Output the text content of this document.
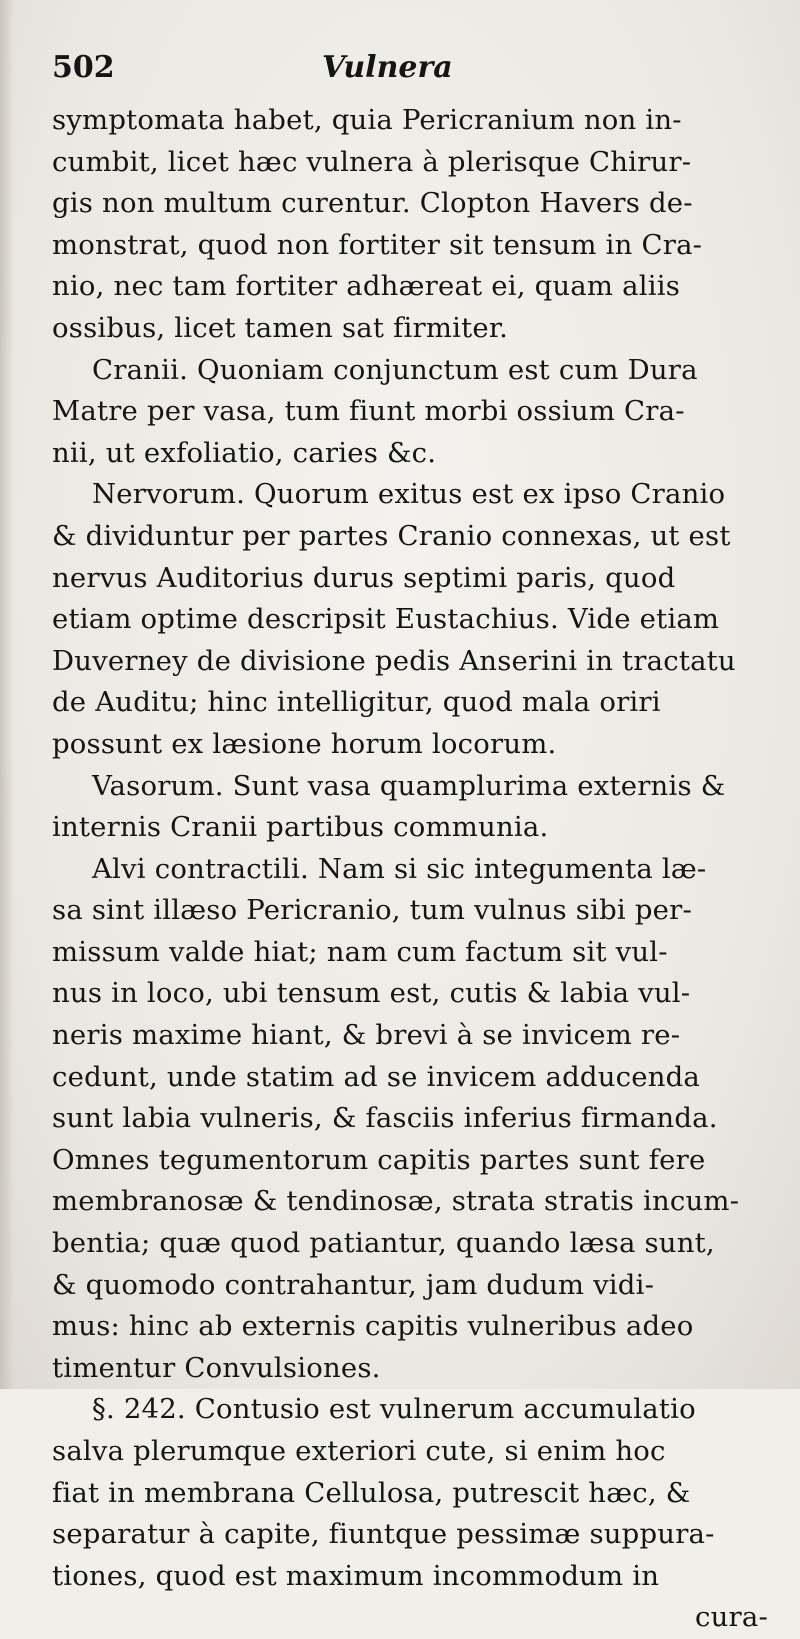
502	Vulnera
symptomata habet, quia Pericranium non in-
cumbit, licet hæc vulnera à plerisque Chirur-
gis non multum curentur. Clopton Havers de-
monstrat, quod non fortiter sit tensum in Cra-
nio, nec tam fortiter adhæreat ei, quam aliis
ossibus, licet tamen sat firmiter.
Cranii. Quoniam conjunctum est cum Dura
Matre per vasa, tum fiunt morbi ossium Cra-
nii, ut exfoliatio, caries &c.
Nervorum. Quorum exitus est ex ipso Cranio
& dividuntur per partes Cranio connexas, ut est
nervus Auditorius durus septimi paris, quod
etiam optime descripsit Eustachius. Vide etiam
Duverney de divisione pedis Anserini in tractatu
de Auditu; hinc intelligitur, quod mala oriri
possunt ex læsione horum locorum.
Vasorum. Sunt vasa quamplurima externis &
internis Cranii partibus communia.
Alvi contractili. Nam si sic integumenta læ-
sa sint illæso Pericranio, tum vulnus sibi per-
missum valde hiat; nam cum factum sit vul-
nus in loco, ubi tensum est, cutis & labia vul-
neris maxime hiant, & brevi à se invicem re-
cedunt, unde statim ad se invicem adducenda
sunt labia vulneris, & fasciis inferius firmanda.
Omnes tegumentorum capitis partes sunt fere
membranosæ & tendinosæ, strata stratis incum-
bentia; quæ quod patiantur, quando læsa sunt,
& quomodo contrahantur, jam dudum vidi-
mus: hinc ab externis capitis vulneribus adeo
timentur Convulsiones.
§. 242. Contusio est vulnerum accumulatio
salva plerumque exteriori cute, si enim hoc
fiat in membrana Cellulosa, putrescit hæc, &
separatur à capite, fiuntque pessimæ suppura-
tiones, quod est maximum incommodum in
cura-
